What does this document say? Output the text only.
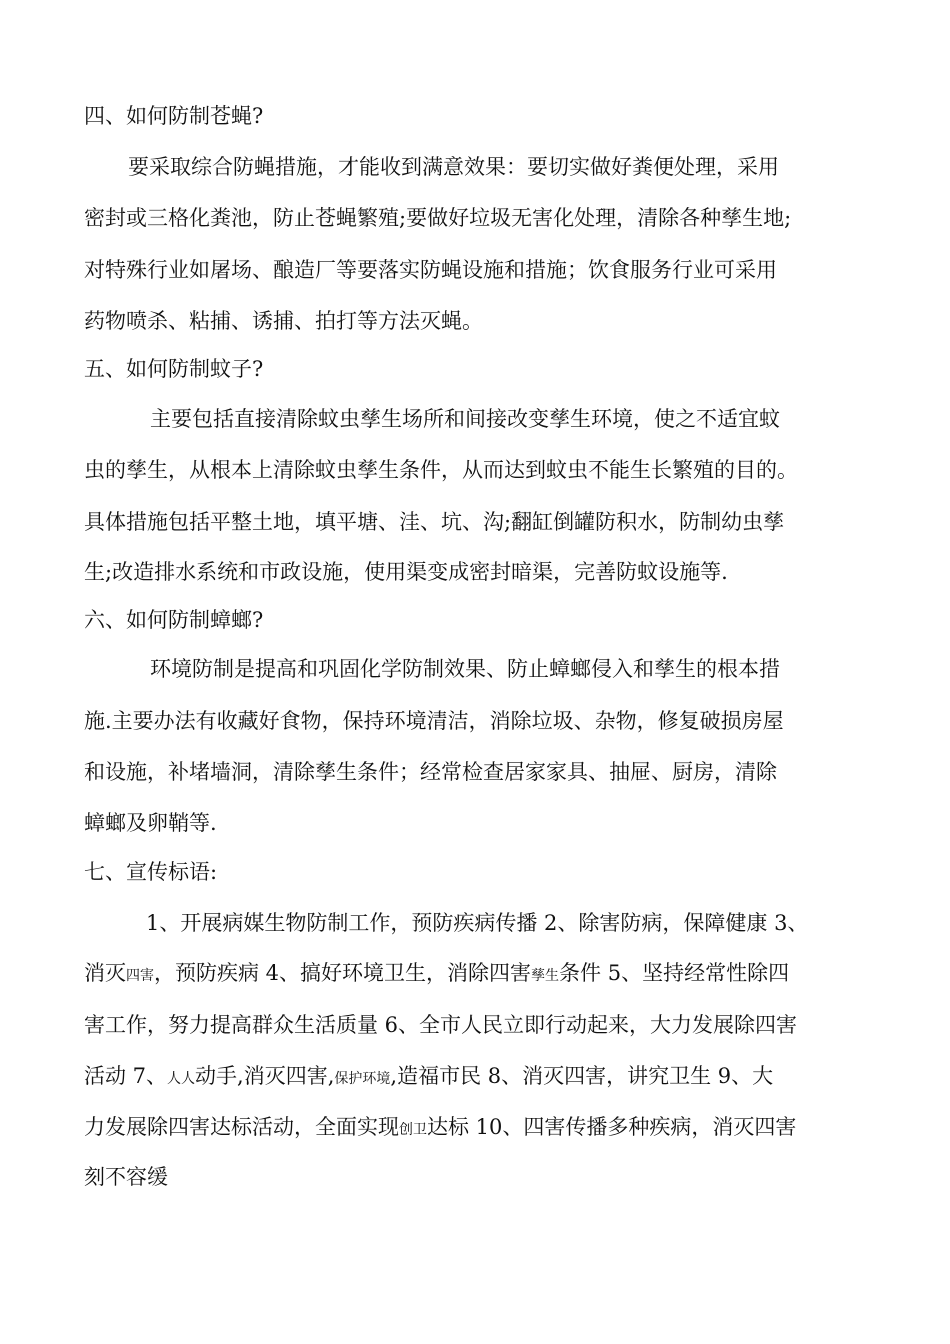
四、如何防制苍蝇?
要采取综合防蝇措施，才能收到满意效果：要切实做好粪便处理，采用
密封或三格化粪池，防止苍蝇繁殖;要做好垃圾无害化处理，清除各种孳生地;
对特殊行业如屠场、酿造厂等要落实防蝇设施和措施；饮食服务行业可采用
药物喷杀、粘捕、诱捕、拍打等方法灭蝇。
五、如何防制蚊子?
主要包括直接清除蚊虫孳生场所和间接改变孳生环境，使之不适宜蚊
虫的孳生，从根本上清除蚊虫孳生条件，从而达到蚊虫不能生长繁殖的目的。
具体措施包括平整土地，填平塘、洼、坑、沟;翻缸倒罐防积水，防制幼虫孳
生;改造排水系统和市政设施，使用渠变成密封暗渠，完善防蚊设施等.
六、如何防制蟑螂?
环境防制是提高和巩固化学防制效果、防止蟑螂侵入和孳生的根本措
施.主要办法有收藏好食物，保持环境清洁，消除垃圾、杂物，修复破损房屋
和设施，补堵墙洞，清除孳生条件；经常检查居家家具、抽屉、厨房，清除
蟑螂及卵鞘等.
七、宣传标语:
1、开展病媒生物防制工作，预防疾病传播 2、除害防病，保障健康 3、
消灭四害，预防疾病 4、搞好环境卫生，消除四害孳生条件 5、坚持经常性除四
害工作，努力提高群众生活质量 6、全市人民立即行动起来，大力发展除四害
活动 7、人人动手,消灭四害,保护环境,造福市民 8、消灭四害，讲究卫生 9、大
力发展除四害达标活动，全面实现创卫达标 10、四害传播多种疾病，消灭四害
刻不容缓
